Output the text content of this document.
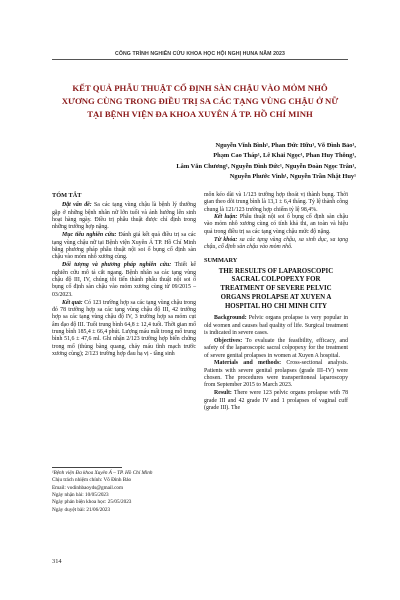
CÔNG TRÌNH NGHIÊN CỨU KHOA HỌC HỘI NGHỊ HUNA NĂM 2023
KẾT QUẢ PHẪU THUẬT CỐ ĐỊNH SÀN CHẬU VÀO MỎM NHÔ
XƯƠNG CÙNG TRONG ĐIỀU TRỊ SA CÁC TẠNG VÙNG CHẬU Ở NỮ
TẠI BỆNH VIỆN ĐA KHOA XUYÊN Á TP. HỒ CHÍ MINH
Nguyễn Vĩnh Bình¹, Phan Đức Hữu¹, Võ Đình Bảo¹,
Phạm Cao Tháp¹, Lê Khải Ngọc¹, Phan Huy Thông¹,
Lâm Văn Chương¹, Nguyễn Đình Đức¹, Nguyễn Đoàn Ngọc Trân¹,
Nguyễn Phước Vinh¹, Nguyễn Trần Nhật Huy¹
TÓM TẮT

Đặt vấn đề: Sa các tạng vùng chậu là bệnh lý thường gặp ở những bệnh nhân nữ lớn tuổi và ảnh hưởng lên sinh hoạt hàng ngày. Điều trị phẫu thuật được chỉ định trong những trường hợp nặng.

Mục tiêu nghiên cứu: Đánh giá kết quả điều trị sa các tạng vùng chậu nữ tại Bệnh viện Xuyên Á TP. Hồ Chí Minh bằng phương pháp phẫu thuật nội soi ổ bụng cố định sàn chậu vào mỏm nhô xương cùng.

Đối tượng và phương pháp nghiên cứu: Thiết kế nghiên cứu mô tả cắt ngang. Bệnh nhân sa các tạng vùng chậu độ III, IV, chúng tôi tiến thành phẫu thuật nội soi ổ bụng cố định sàn chậu vào mỏm xương cùng từ 09/2015 – 03/2023.

Kết quả: Có 123 trường hợp sa các tạng vùng chậu trong đó 78 trường hợp sa các tạng vùng chậu độ III, 42 trường hợp sa các tạng vùng chậu độ IV, 3 trường hợp sa mỏm cụt âm đạo độ III. Tuổi trung bình 64,8 ± 12,4 tuổi. Thời gian mổ trung bình 185,4 ± 66,4 phút. Lượng máu mất trong mổ trung bình 51,6 ± 47,6 ml. Ghi nhận 2/123 trường hợp biến chứng trong mổ (thủng bàng quang, chảy máu tĩnh mạch trước xương cùng); 2/123 trường hợp đau hạ vị - tầng sinh

¹Bệnh viện Đa khoa Xuyên Á – TP. Hồ Chí Minh
Chịu trách nhiệm chính: Võ Đình Bảo
Email: vodinhbaoyds@gmail.com
Ngày nhận bài: 10/05/2023
Ngày phản biện khoa học: 25/05/2023
Ngày duyệt bài: 21/06/2023

môn kéo dài và 1/123 trường hợp thoát vị thành bụng. Thời gian theo dõi trung bình là 13,1 ± 6,4 tháng. Tỷ lệ thành công chung là 121/123 trường hợp chiếm tỷ lệ 98,4%.

Kết luận: Phẫu thuật nội soi ổ bụng cố định sàn chậu vào mỏm nhô xương cùng có tính khả thi, an toàn và hiệu quả trong điều trị sa các tạng vùng chậu mức độ nặng.

Từ khóa: sa các tạng vùng chậu, sa sinh dục, sa tạng chậu, cố định sàn chậu vào mỏm nhô.

SUMMARY
THE RESULTS OF LAPAROSCOPIC
SACRAL COLPOPEXY FOR
TREATMENT OF SEVERE PELVIC
ORGANS PROLAPSE AT XUYEN A
HOSPITAL HO CHI MINH CITY

Background: Pelvic organs prolapse is very popular in old women and causes bad quality of life. Surgical treatment is indicated in severe cases.

Objectives: To evaluate the feasibility, efficacy, and safety of the laparoscopic sacral colpopexy for the treatment of severe genital prolapses in women at Xuyen A hospital.

Materials and methods: Cross-sectional analysis. Patients with severe genital prolapses (grade III–IV) were chosen. The procedures were transperitoneal laparoscopy from September 2015 to March 2023.

Result: There were 123 pelvic organs prolapse with 78 grade III and 42 grade IV and 1 prolapses of vaginal cuff (grade III). The

314
